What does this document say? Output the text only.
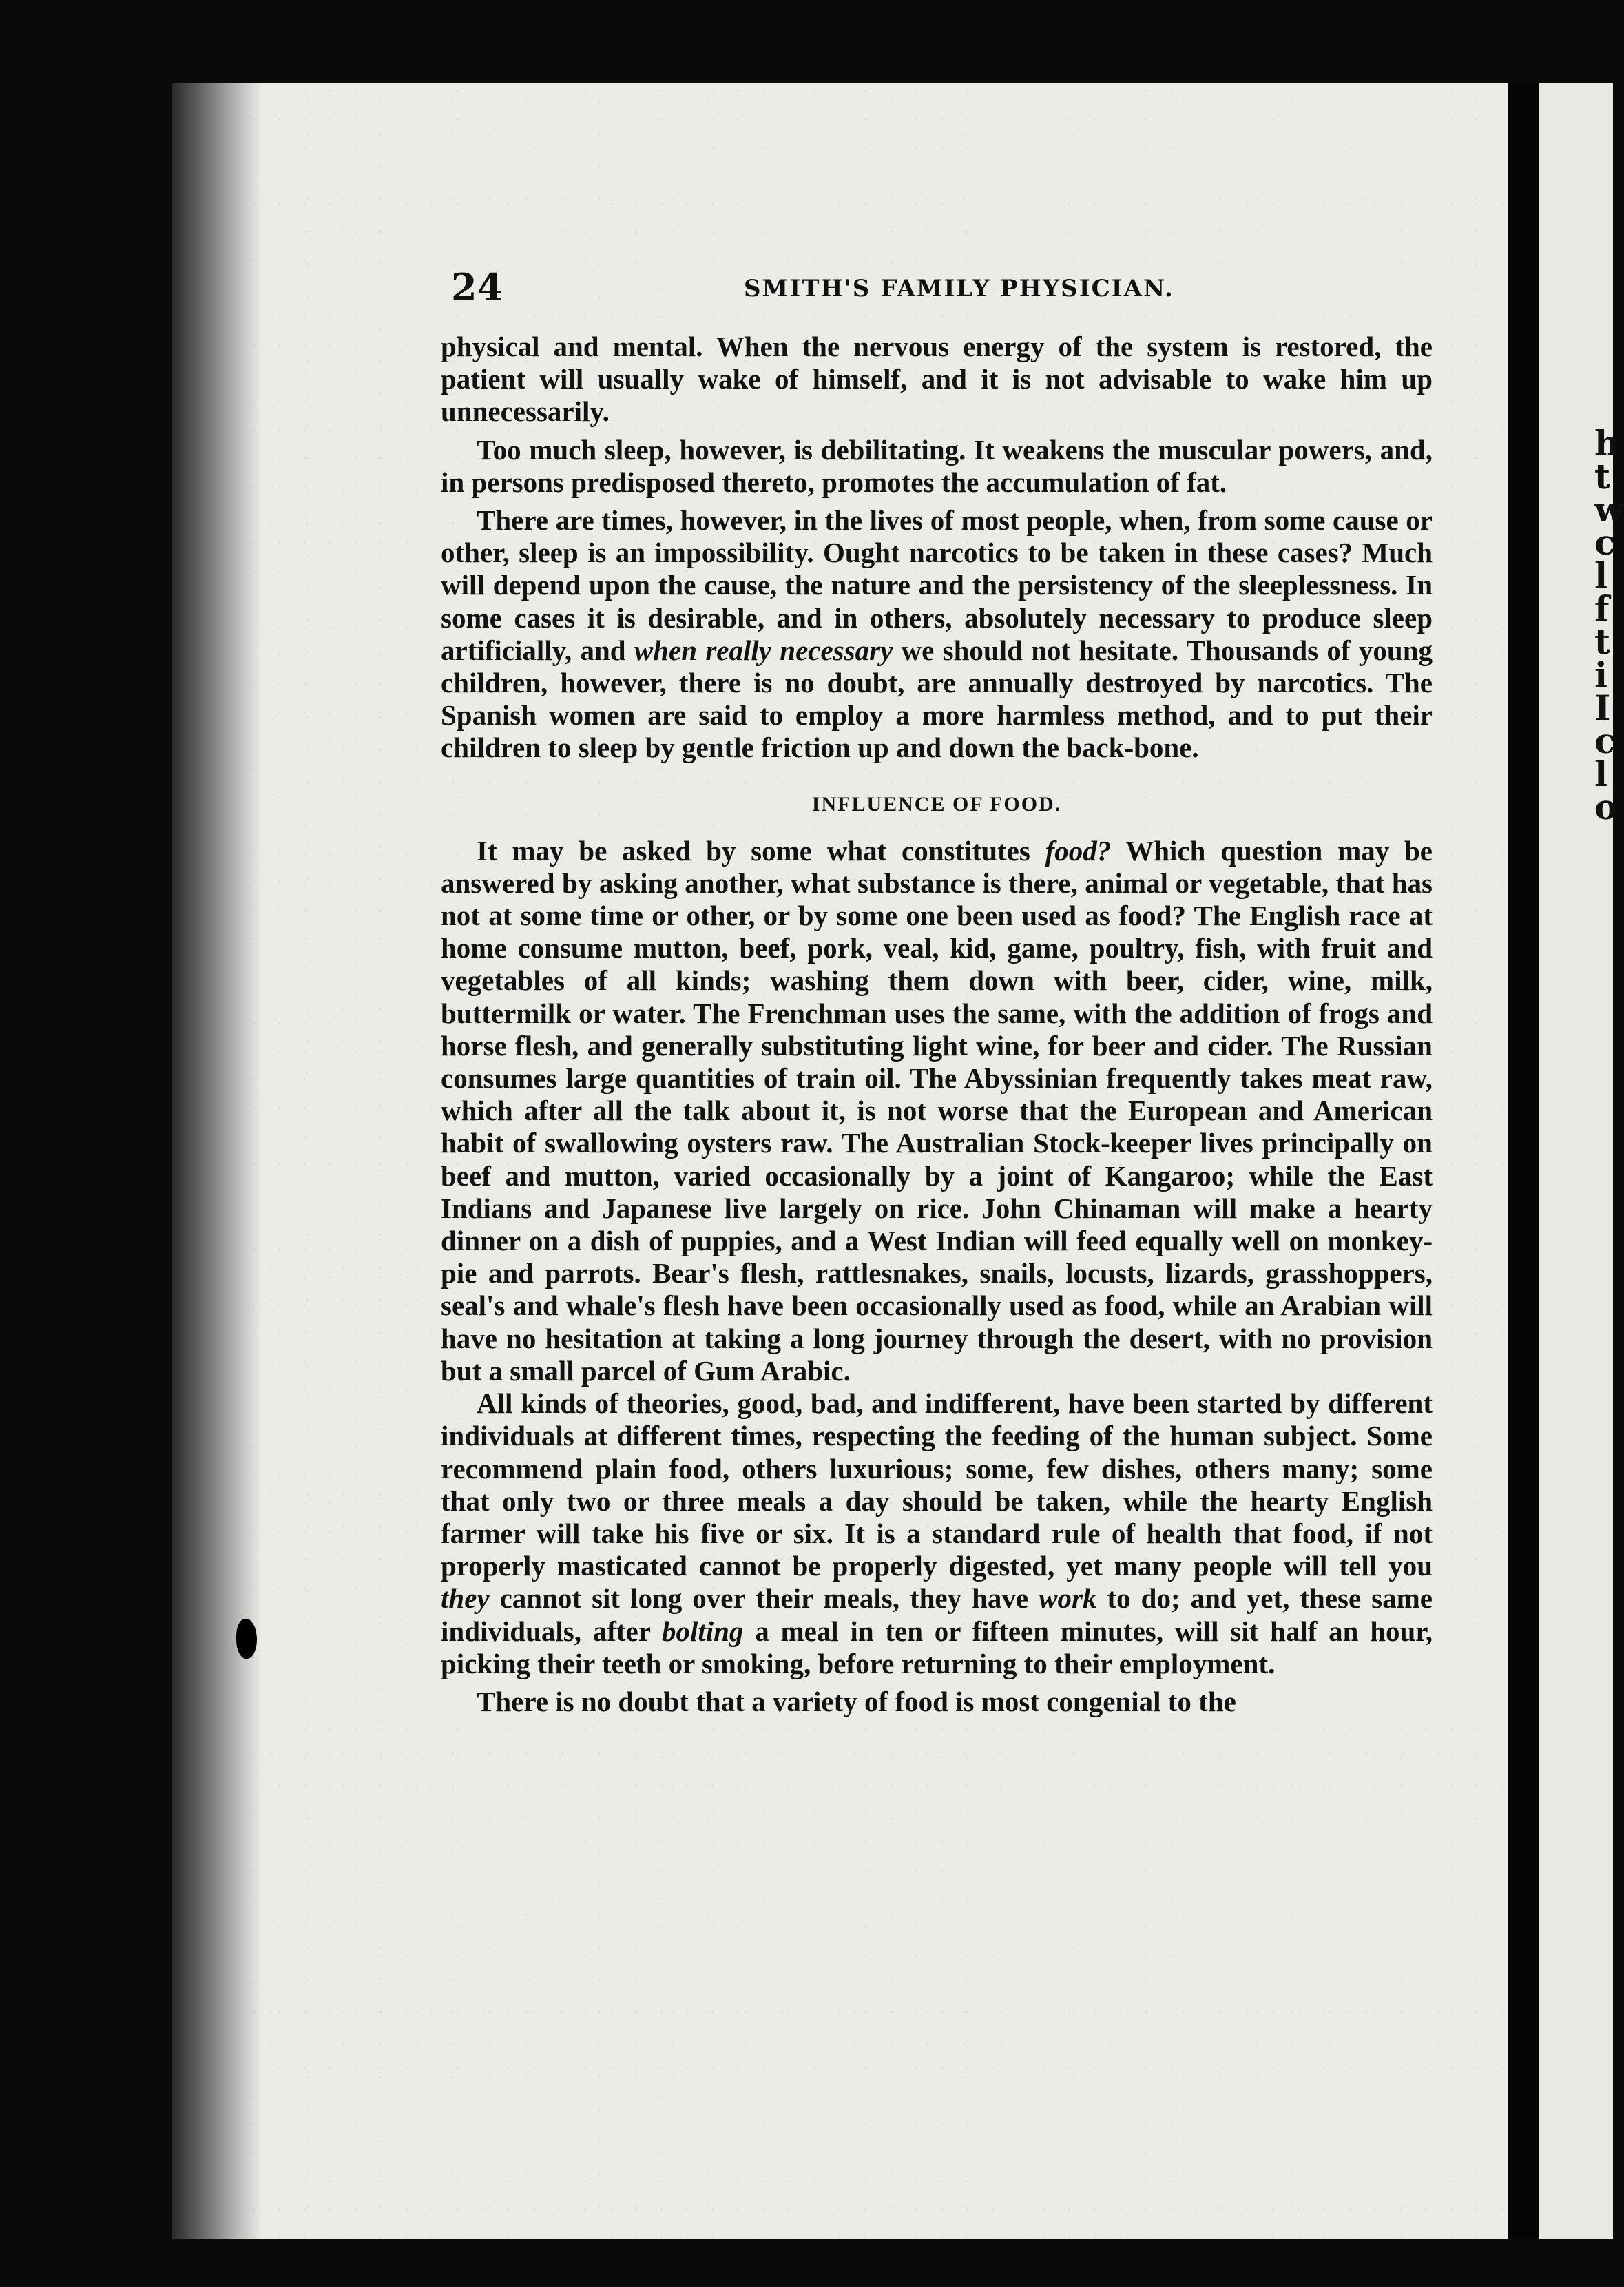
h
t
w
c
l
f
t
i
I
c
l
o
24	SMITH'S FAMILY PHYSICIAN.

physical and mental. When the nervous energy of the system is restored, the patient will usually wake of himself, and it is not advisable to wake him up unnecessarily.

Too much sleep, however, is debilitating. It weakens the muscular powers, and, in persons predisposed thereto, promotes the accumulation of fat.

There are times, however, in the lives of most people, when, from some cause or other, sleep is an impossibility. Ought narcotics to be taken in these cases? Much will depend upon the cause, the nature and the persistency of the sleeplessness. In some cases it is desirable, and in others, absolutely necessary to produce sleep artificially, and when really necessary we should not hesitate. Thousands of young children, however, there is no doubt, are annually destroyed by narcotics. The Spanish women are said to employ a more harmless method, and to put their children to sleep by gentle friction up and down the back-bone.

INFLUENCE OF FOOD.

It may be asked by some what constitutes food? Which question may be answered by asking another, what substance is there, animal or vegetable, that has not at some time or other, or by some one been used as food? The English race at home consume mutton, beef, pork, veal, kid, game, poultry, fish, with fruit and vegetables of all kinds; washing them down with beer, cider, wine, milk, buttermilk or water. The Frenchman uses the same, with the addition of frogs and horse flesh, and generally substituting light wine, for beer and cider. The Russian consumes large quantities of train oil. The Abyssinian frequently takes meat raw, which after all the talk about it, is not worse that the European and American habit of swallowing oysters raw. The Australian Stock-keeper lives principally on beef and mutton, varied occasionally by a joint of Kangaroo; while the East Indians and Japanese live largely on rice. John Chinaman will make a hearty dinner on a dish of puppies, and a West Indian will feed equally well on monkey-pie and parrots. Bear's flesh, rattlesnakes, snails, locusts, lizards, grasshoppers, seal's and whale's flesh have been occasionally used as food, while an Arabian will have no hesitation at taking a long journey through the desert, with no provision but a small parcel of Gum Arabic.

All kinds of theories, good, bad, and indifferent, have been started by different individuals at different times, respecting the feeding of the human subject. Some recommend plain food, others luxurious; some, few dishes, others many; some that only two or three meals a day should be taken, while the hearty English farmer will take his five or six. It is a standard rule of health that food, if not properly masticated cannot be properly digested, yet many people will tell you they cannot sit long over their meals, they have work to do; and yet, these same individuals, after bolting a meal in ten or fifteen minutes, will sit half an hour, picking their teeth or smoking, before returning to their employment.

There is no doubt that a variety of food is most congenial to the
